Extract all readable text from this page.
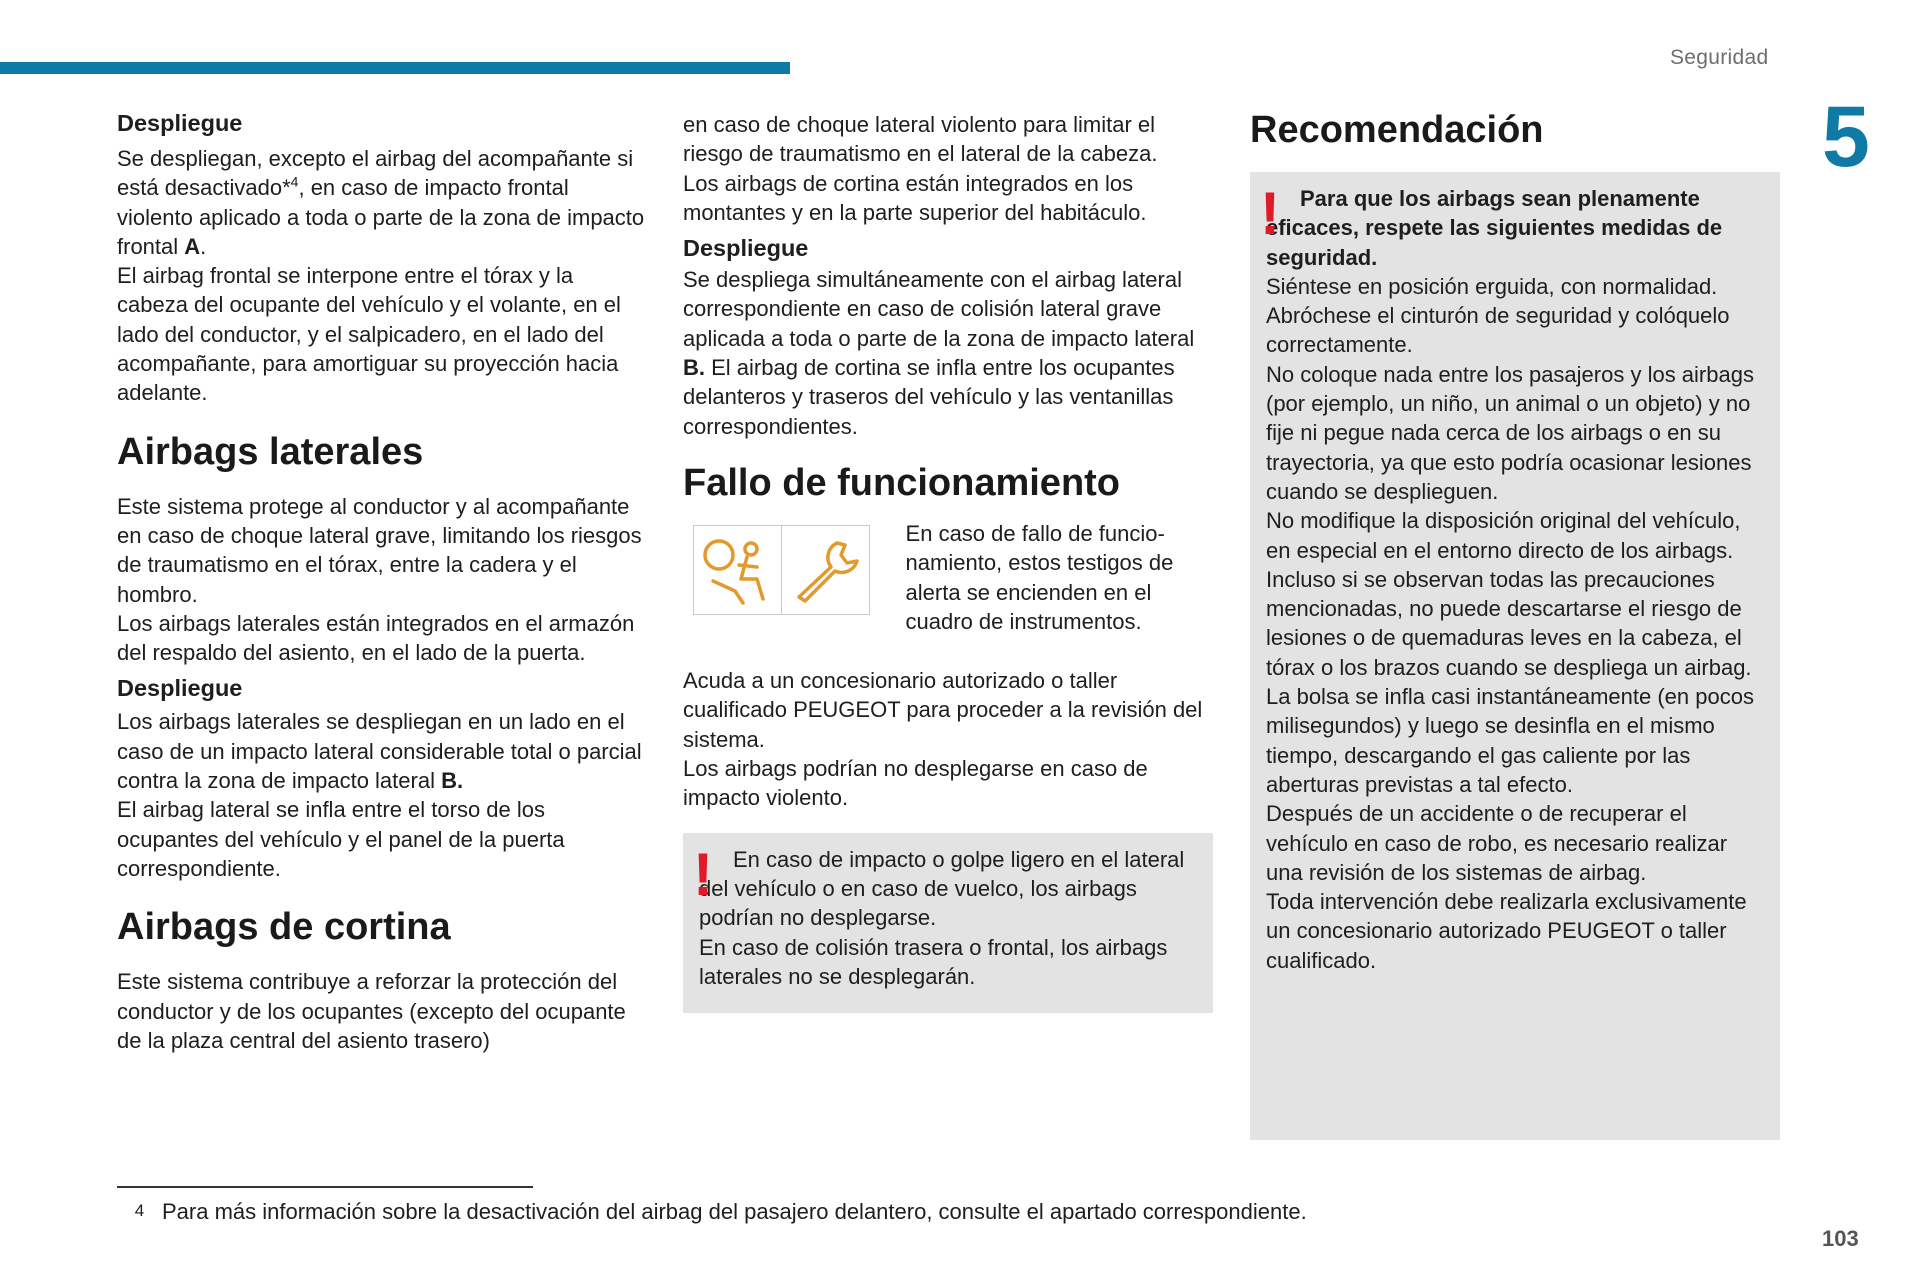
Seguridad
5
Despliegue

Se despliegan, excepto el airbag del acompañante si está desactivado*$^4$, en caso de impacto frontal violento aplicado a toda o parte de la zona de impacto frontal A.

El airbag frontal se interpone entre el tórax y la cabeza del ocupante del vehículo y el volante, en el lado del conductor, y el salpicadero, en el lado del acompañante, para amortiguar su proyección hacia adelante.

Airbags laterales

Este sistema protege al conductor y al acompañante en caso de choque lateral grave, limitando los riesgos de traumatismo en el tórax, entre la cadera y el hombro.

Los airbags laterales están integrados en el armazón del respaldo del asiento, en el lado de la puerta.

Despliegue

Los airbags laterales se despliegan en un lado en el caso de un impacto lateral considerable total o parcial contra la zona de impacto lateral B.

El airbag lateral se infla entre el torso de los ocupantes del vehículo y el panel de la puerta correspondiente.

Airbags de cortina

Este sistema contribuye a reforzar la protección del conductor y de los ocupantes (excepto del ocupante de la plaza central del asiento trasero)

en caso de choque lateral violento para limitar el riesgo de traumatismo en el lateral de la cabeza.

Los airbags de cortina están integrados en los montantes y en la parte superior del habitáculo.

Despliegue

Se despliega simultáneamente con el airbag lateral correspondiente en caso de colisión lateral grave aplicada a toda o parte de la zona de impacto lateral B. El airbag de cortina se infla entre los ocupantes delanteros y traseros del vehículo y las ventanillas correspondientes.

Fallo de funcionamiento

En caso de fallo de funcio-namiento, estos testigos de alerta se encienden en el cuadro de instrumentos.

Acuda a un concesionario autorizado o taller cualificado PEUGEOT para proceder a la revisión del sistema.

Los airbags podrían no desplegarse en caso de impacto violento.

! En caso de impacto o golpe ligero en el lateral del vehículo o en caso de vuelco, los airbags podrían no desplegarse.

En caso de colisión trasera o frontal, los airbags laterales no se desplegarán.

Recomendación
! Para que los airbags sean plenamente eficaces, respete las siguientes medidas de seguridad.

Siéntese en posición erguida, con normalidad.

Abróchese el cinturón de seguridad y colóquelo correctamente.

No coloque nada entre los pasajeros y los airbags (por ejemplo, un niño, un animal o un objeto) y no fije ni pegue nada cerca de los airbags o en su trayectoria, ya que esto podría ocasionar lesiones cuando se desplieguen.

No modifique la disposición original del vehículo, en especial en el entorno directo de los airbags.

Incluso si se observan todas las precauciones mencionadas, no puede descartarse el riesgo de lesiones o de quemaduras leves en la cabeza, el tórax o los brazos cuando se despliega un airbag.

La bolsa se infla casi instantáneamente (en pocos milisegundos) y luego se desinfla en el mismo tiempo, descargando el gas caliente por las aberturas previstas a tal efecto.

Después de un accidente o de recuperar el vehículo en caso de robo, es necesario realizar una revisión de los sistemas de airbag.

Toda intervención debe realizarla exclusivamente un concesionario autorizado PEUGEOT o taller cualificado.

4 Para más información sobre la desactivación del airbag del pasajero delantero, consulte el apartado correspondiente.
103
